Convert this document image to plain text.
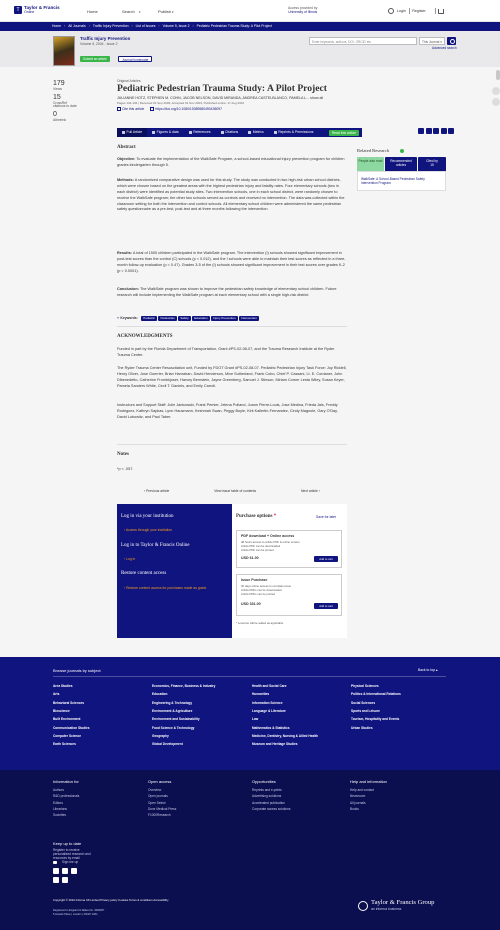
T Taylor & Francis
Online	Home	Search ▾	Publish ▾
Access provided by
University of Illinois	Login Register
Home › All Journals › Traffic Injury Prevention › List of Issues › Volume 5, Issue 2 › Pediatric Pedestrian Trauma Study: A Pilot Project
Traffic Injury Prevention
Volume 5, 2004 - Issue 2
Submit an article	Journal homepage
Enter keywords, authors, DOI, ORCID etc	This Journal ▾
Advanced search
179
Views
15
CrossRef
citations to date
0
Altmetric
Original Articles
Pediatric Pedestrian Trauma Study: A Pilot Project
JULIANNE HOTZ, STEPHEN M. COHN, JACOB NELSON, DAVID MIRANDA, ANDREA CASTELBLANCO, PAMELA L... show all
Pages 132-136 | Received 01 Sep 2003, Accepted 01 Nov 2003, Published online: 17 Aug 2010
Cite this article	https://doi.org/10.1080/15389580490435097
Full Article	Figures & data	References	Citations	Metrics	Reprints & Permissions	Read this article
Abstract
Objective: To evaluate the implementation of the WalkSafe Program, a school-based educational injury prevention program for children grades kindergarten through 5.
Methods: A randomized comparative design was used for this study. The study was conducted in two high-risk urban school districts, which were chosen based on the greatest areas with the highest pedestrian injury and fatality rates. Four elementary schools (two in each district) were identified as potential study sites. Two intervention schools, one in each school district, were randomly chosen to receive the WalkSafe program; the other two schools served as controls and received no intervention. The data was collected within the classroom setting for both the intervention and control schools. All elementary school children were administered the same pedestrian safety questionnaire as a pre-test, post-test and at three months following the intervention.
Results: A total of 1500 children participated in the WalkSafe program. The intervention (I) schools showed significant improvement in post-test scores than the control (C) schools (p < 0.012), and the I schools were able to maintain their test scores as reflected in a three-month follow-up evaluation (p < 0.47). Grades 3-5 of the (I) schools showed significant improvement in their test scores over grades K-2 (p < 0.0001).
Conclusion: The WalkSafe program was shown to improve the pedestrian safety knowledge of elementary school children. Future research will include implementing the WalkSafe program at each elementary school with a single high-risk district.
⌖ Keywords:	Pediatric	Pedestrian	Safety	Education	Injury Prevention	Intervention
ACKNOWLEDGMENTS
Funded in part by the Florida Department of Transportation, Grant #PS-02-08-07, and the Trauma Research Institute at the Ryder Trauma Center.
The Ryder Trauma Center Resuscitation unit, Funded by FDOT Grant #PS-02-08-07. Pediatric Pedestrian Injury Task Force: Joy Riddell, Henry Oliver, Jose Guerrier, Brian Hanrahan, David Henderson, Mixe Sutherland, Frank Cobo, Chief P. Cassani, Lt. E. Cordaner, John Dibenedetto, Catherine Frombkjoser, Harvey Bernstein, Jayne Greenberg, Samuel J. Stinson, Miriam Corner Lesta Wiley, Susan Keyer, Pamela Sanders White, Cecil T. Daniels, and Emily Carroll.
Instructors and Support Staff: Julie Jankowski, Frank Pemier, Jelena Polland, Joann Pierre-Louis, Jose Medina, Frieda Jals, Freddy Rodriguez, Kathryn Sapkas, Lynn Hausmann, Keshmah Swan, Peggy Boyle, Kirk Kallertin-Fernandez, Cindy Magnole, Gary O'Day, David Lubowitz, and Paul Taber.
Notes
*p < .057.
‹ Previous article	View issue table of contents	Next article ›
Log in via your institution
› Access through your institution
Log in to Taylor & Francis Online
› Log in
Restore content access
› Restore content access for purchases made as guest
Purchase options *	Save for later
PDF download + Online access
48 hours access to article PDF & online version
Article PDF can be downloaded
Article PDF can be printed
USD 61.00	Add to cart
Issue Purchase
30 days online access to complete issue
Article PDFs can be downloaded
Article PDFs can be printed
USD 331.00	Add to cart
* Local tax will be added as applicable
Related Research
People also read	Recommended articles
Cited by
15
WalkSafe: A School-Based Pedestrian Safety Intervention Program
Browse journals by subject	Back to top ▴
Area Studies
Arts
Behavioral Sciences
Bioscience
Built Environment
Communication Studies
Computer Science
Earth Sciences
Economics, Finance, Business & Industry
Education
Engineering & Technology
Environment & Agriculture
Environment and Sustainability
Food Science & Technology
Geography
Global Development
Health and Social Care
Humanities
Information Science
Language & Literature
Law
Mathematics & Statistics
Medicine, Dentistry, Nursing & Allied Health
Museum and Heritage Studies
Physical Sciences
Politics & International Relations
Social Sciences
Sports and Leisure
Tourism, Hospitality and Events
Urban Studies
Information for
Authors
R&D professionals
Editors
Librarians
Societies
Open access
Overview
Open journals
Open Select
Dove Medical Press
F1000Research
Opportunities
Reprints and e-prints
Advertising solutions
Accelerated publication
Corporate access solutions
Help and information
Help and contact
Newsroom
All journals
Books
Keep up to date
Register to receive personalised research and resources by email
Sign me up
Copyright © 2024 Informa UK Limited Privacy policy Cookies Terms & conditions Accessibility
Registered in England & Wales No. 3099067
5 Howick Place | London | SW1P 1WG
Taylor & Francis Group
an informa business
